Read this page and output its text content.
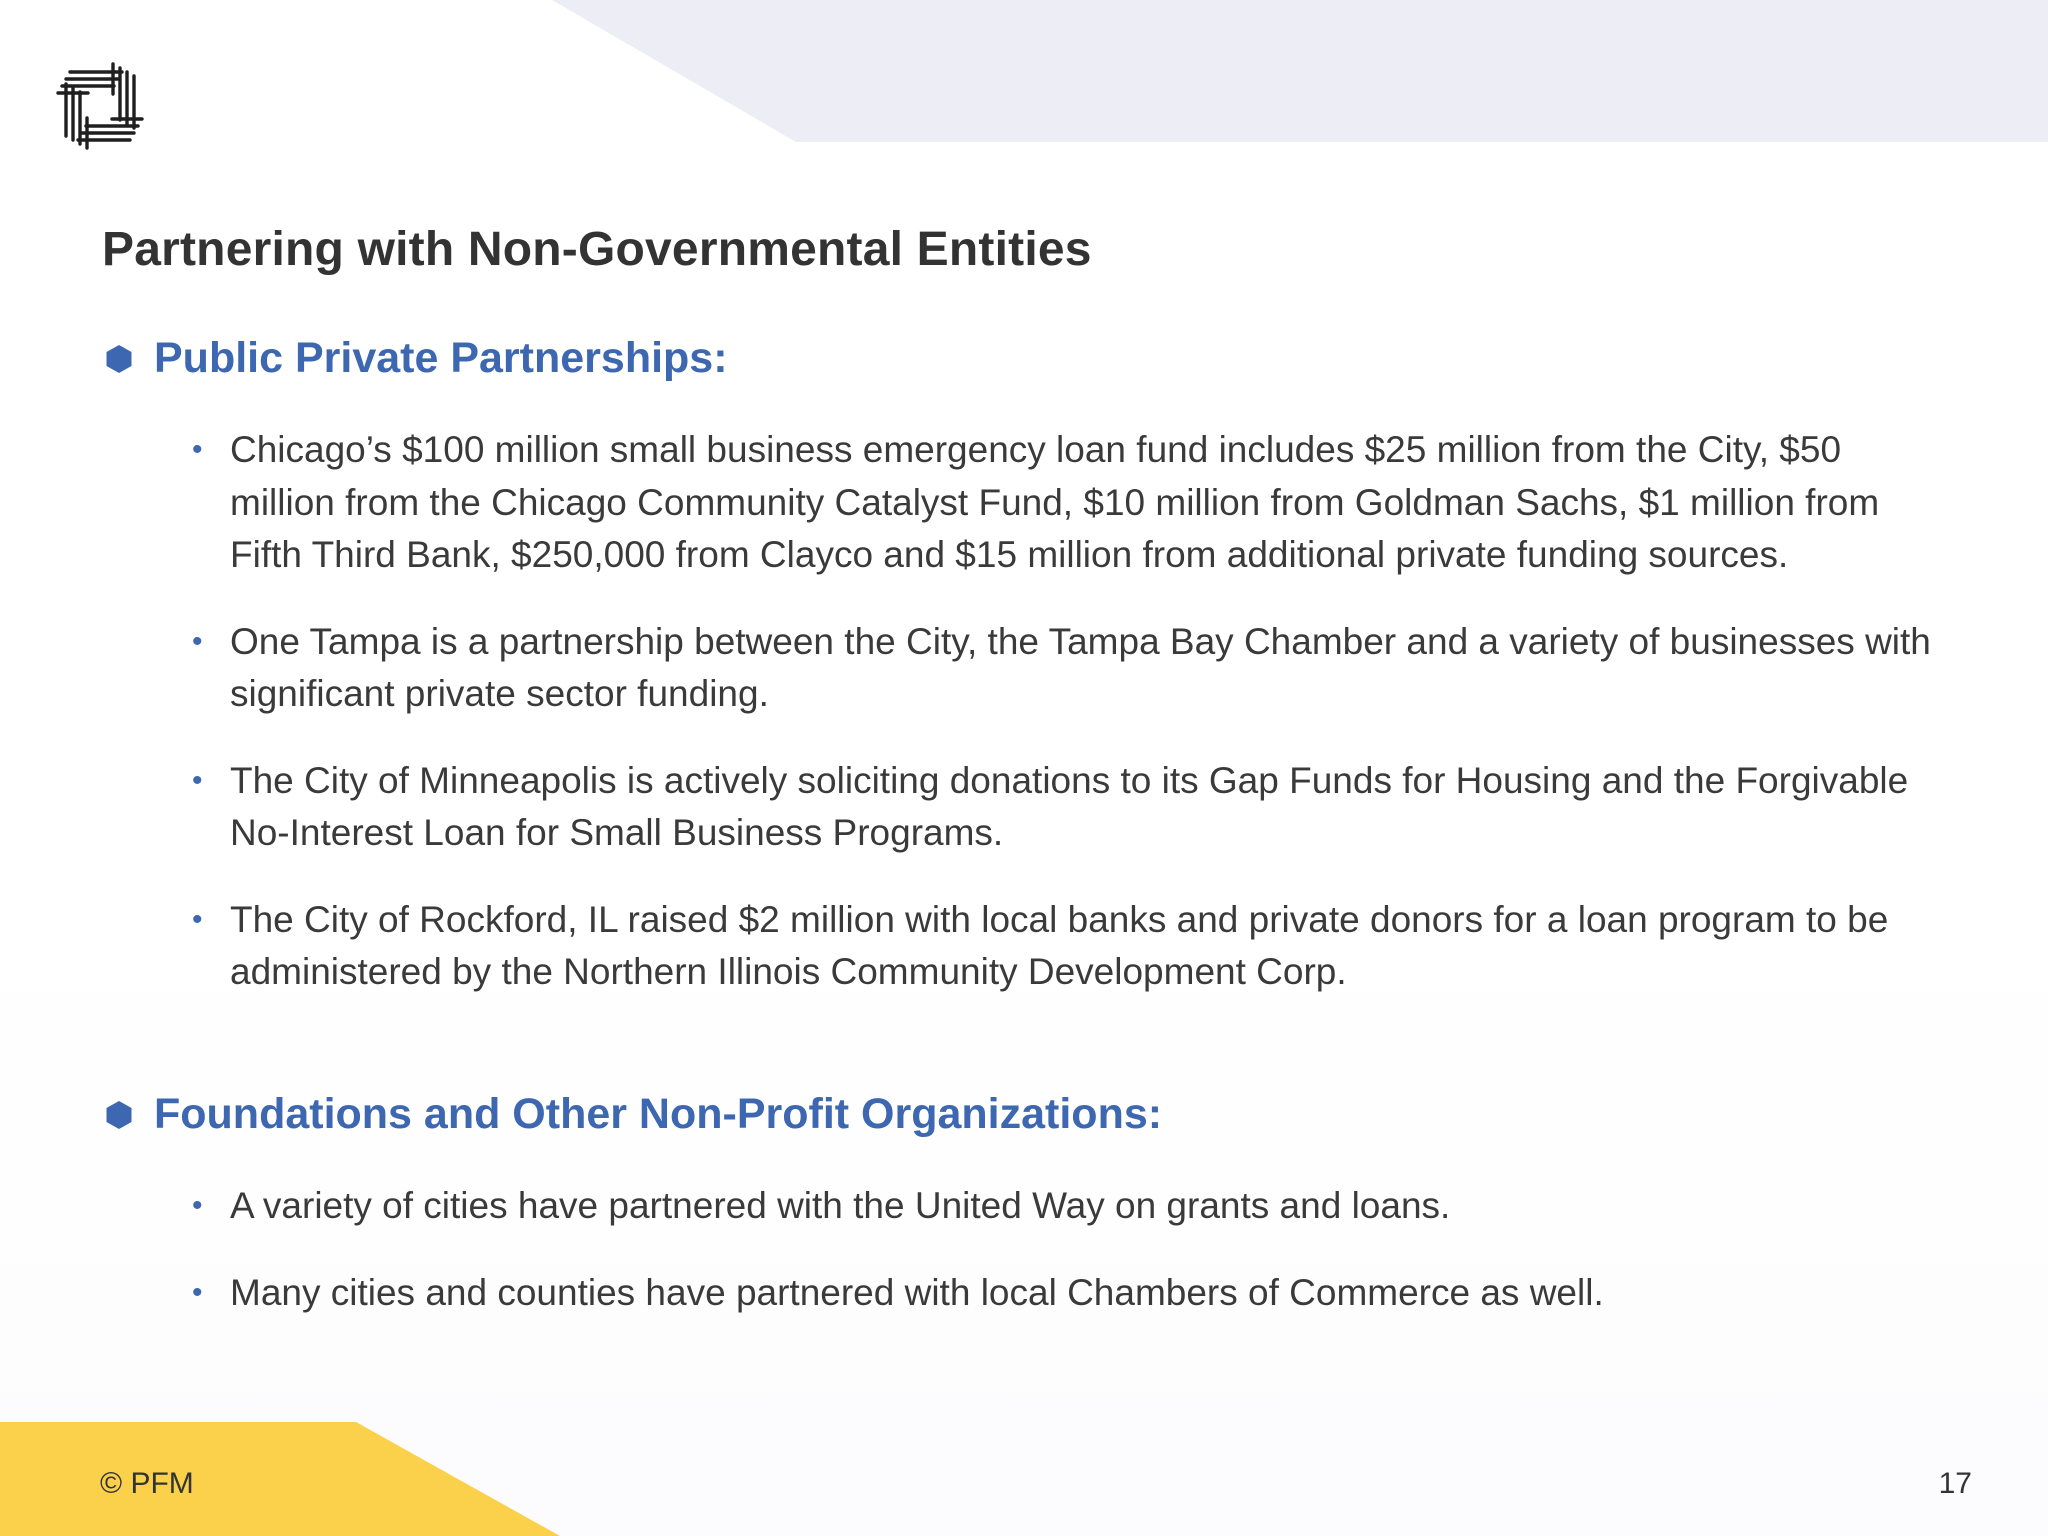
Partnering with Non-Governmental Entities
Public Private Partnerships:
• Chicago’s $100 million small business emergency loan fund includes $25 million from the City, $50 million from the Chicago Community Catalyst Fund, $10 million from Goldman Sachs, $1 million from Fifth Third Bank, $250,000 from Clayco and $15 million from additional private funding sources.
• One Tampa is a partnership between the City, the Tampa Bay Chamber and a variety of businesses with significant private sector funding.
• The City of Minneapolis is actively soliciting donations to its Gap Funds for Housing and the Forgivable No-Interest Loan for Small Business Programs.
• The City of Rockford, IL raised $2 million with local banks and private donors for a loan program to be administered by the Northern Illinois Community Development Corp.
Foundations and Other Non-Profit Organizations:
• A variety of cities have partnered with the United Way on grants and loans.
• Many cities and counties have partnered with local Chambers of Commerce as well.
© PFM	17
